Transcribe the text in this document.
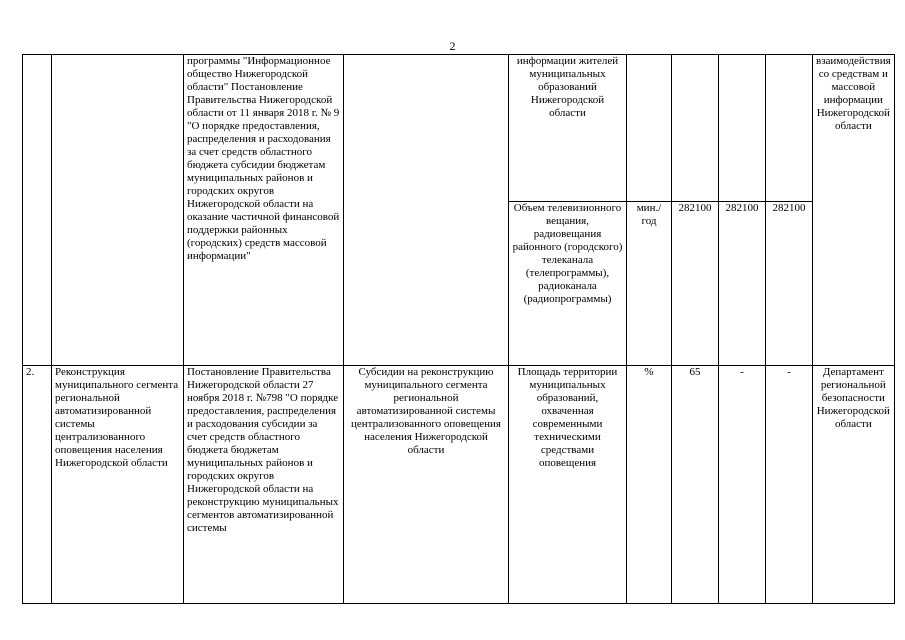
2

		программы "Информационное общество Нижегородской области" Постановление Правительства Нижегородской области от 11 января 2018 г. № 9 "О порядке предоставления, распределения и расходования за счет средств областного бюджета субсидии бюджетам муниципальных районов и городских округов Нижегородской области на оказание частичной финансовой поддержки районных (городских) средств массовой информации"		информации жителей муниципальных образований Нижегородской области					взаимодействия со средствам и массовой информации Нижегородской области
				Объем телевизионного вещания, радиовещания районного (городского) телеканала (телепрограммы), радиоканала (радиопрограммы)	мин./ год	282100	282100	282100	
2.	Реконструкция муниципального сегмента региональной автоматизированной системы централизованного оповещения населения Нижегородской области	Постановление Правительства Нижегородской области 27 ноября 2018 г. №798 "О порядке предоставления, распределения и расходования субсидии за счет средств областного бюджета бюджетам муниципальных районов и городских округов Нижегородской области на реконструкцию муниципальных сегментов автоматизированной системы	Субсидии на реконструкцию муниципального сегмента региональной автоматизированной системы централизованного оповещения населения Нижегородской области	Площадь территории муниципальных образований, охваченная современными техническими средствами оповещения	%	65	-	-	Департамент региональной безопасности Нижегородской области
